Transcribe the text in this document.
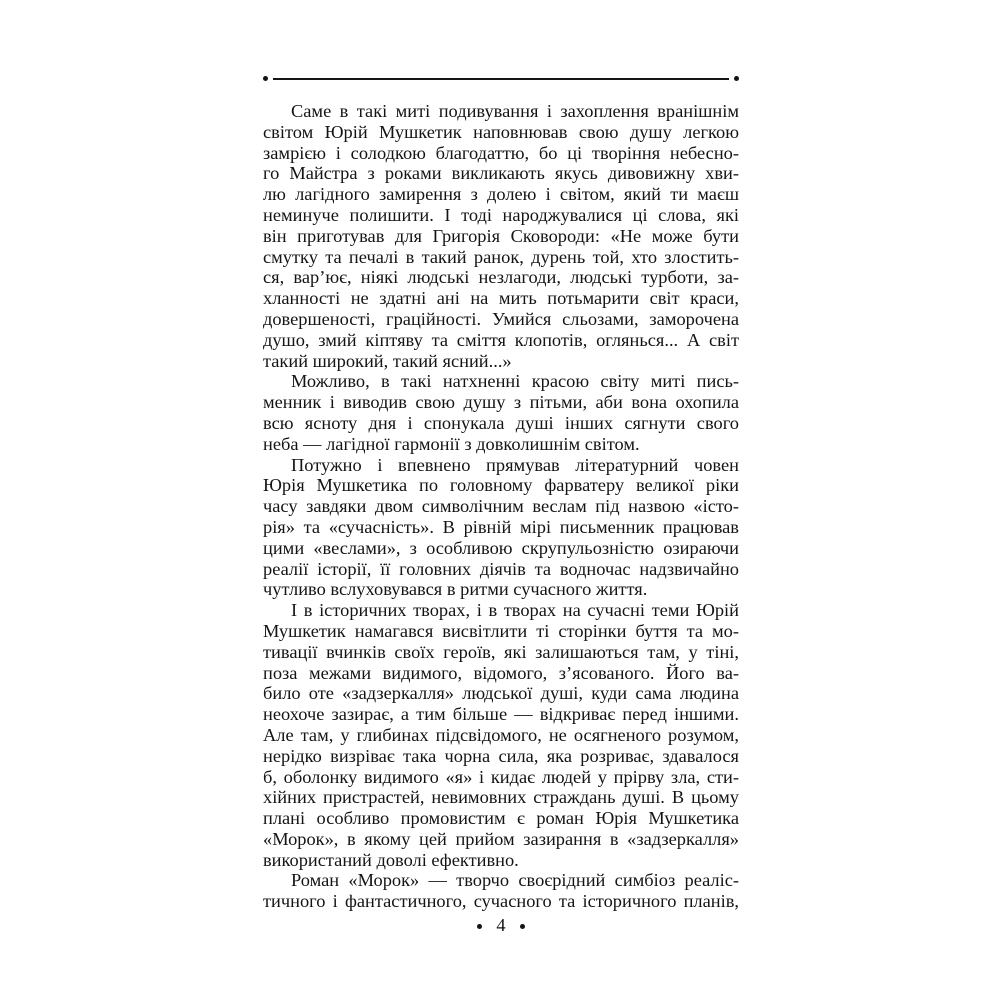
Саме в такі миті подивування і захоплення вранішнім
світом Юрій Мушкетик наповнював свою душу легкою
замрією і солодкою благодаттю, бо ці творіння небесно-
го Майстра з роками викликають якусь дивовижну хви-
лю лагідного замирення з долею і світом, який ти маєш
неминуче полишити. І тоді народжувалися ці слова, які
він приготував для Григорія Сковороди: «Не може бути
смутку та печалі в такий ранок, дурень той, хто злостить-
ся, вар’ює, ніякі людські незлагоди, людські турботи, за-
хланності не здатні ані на мить потьмарити світ краси,
довершеності, граційності. Умийся сльозами, заморочена
душо, змий кіптяву та сміття клопотів, оглянься... А світ
такий широкий, такий ясний...»

Можливо, в такі натхненні красою світу миті пись-
менник і виводив свою душу з пітьми, аби вона охопила
всю ясноту дня і спонукала душі інших сягнути свого
неба — лагідної гармонії з довколишнім світом.

Потужно і впевнено прямував літературний човен
Юрія Мушкетика по головному фарватеру великої ріки
часу завдяки двом символічним веслам під назвою «істо-
рія» та «сучасність». В рівній мірі письменник працював
цими «веслами», з особливою скрупульозністю озираючи
реалії історії, її головних діячів та водночас надзвичайно
чутливо вслуховувався в ритми сучасного життя.

І в історичних творах, і в творах на сучасні теми Юрій
Мушкетик намагався висвітлити ті сторінки буття та мо-
тивації вчинків своїх героїв, які залишаються там, у тіні,
поза межами видимого, відомого, з’ясованого. Його ва-
било оте «задзеркалля» людської душі, куди сама людина
неохоче зазирає, а тим більше — відкриває перед іншими.
Але там, у глибинах підсвідомого, не осягненого розумом,
нерідко визріває така чорна сила, яка розриває, здавалося
б, оболонку видимого «я» і кидає людей у прірву зла, сти-
хійних пристрастей, невимовних страждань душі. В цьому
плані особливо промовистим є роман Юрія Мушкетика
«Морок», в якому цей прийом зазирання в «задзеркалля»
використаний доволі ефективно.

Роман «Морок» — творчо своєрідний симбіоз реаліс-
тичного і фантастичного, сучасного та історичного планів,

4
